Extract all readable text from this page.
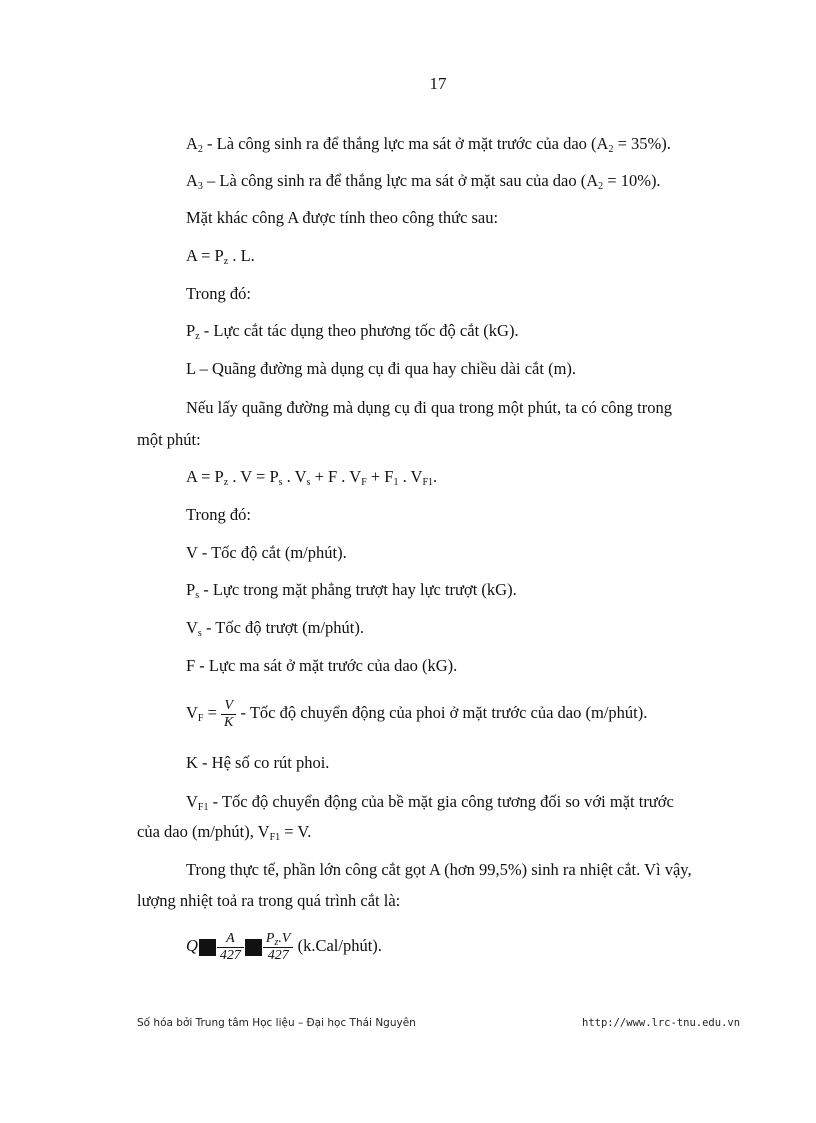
17
$A_2$ - Là công sinh ra để thắng lực ma sát ở mặt trước của dao $(A_2 = 35\%)$.
$A_3$ – Là công sinh ra để thắng lực ma sát ở mặt sau của dao $(A_2 = 10\%)$.
Mặt khác công A được tính theo công thức sau:
$A = P_z$ . L.
Trong đó:
$P_z$ - Lực cắt tác dụng theo phương tốc độ cắt (kG).
L – Quãng đường mà dụng cụ đi qua hay chiều dài cắt (m).
Nếu lấy quãng đường mà dụng cụ đi qua trong một phút, ta có công trong
một phút:
$A = P_z$ . $V = P_s$ . $V_s + F$ . $V_F + F_1$ . $V_{F1}$.
Trong đó:
V - Tốc độ cắt (m/phút).
$P_s$ - Lực trong mặt phẳng trượt hay lực trượt (kG).
$V_s$ - Tốc độ trượt (m/phút).
F - Lực ma sát ở mặt trước của dao (kG).
$V_F = \frac{V}{K}$ - Tốc độ chuyển động của phoi ở mặt trước của dao (m/phút).
K - Hệ số co rút phoi.
$V_{F1}$ - Tốc độ chuyển động của bề mặt gia công tương đối so với mặt trước
của dao (m/phút), $V_{F1} = V$.
Trong thực tế, phần lớn công cắt gọt A (hơn 99,5%) sinh ra nhiệt cắt. Vì vậy,
lượng nhiệt toả ra trong quá trình cắt là:
Q $\frac{A}{427} \frac{P_z.V}{427}$ (k.Cal/phút).
Số hóa bởi Trung tâm Học liệu – Đại học Thái Nguyên	http://www.lrc-tnu.edu.vn
